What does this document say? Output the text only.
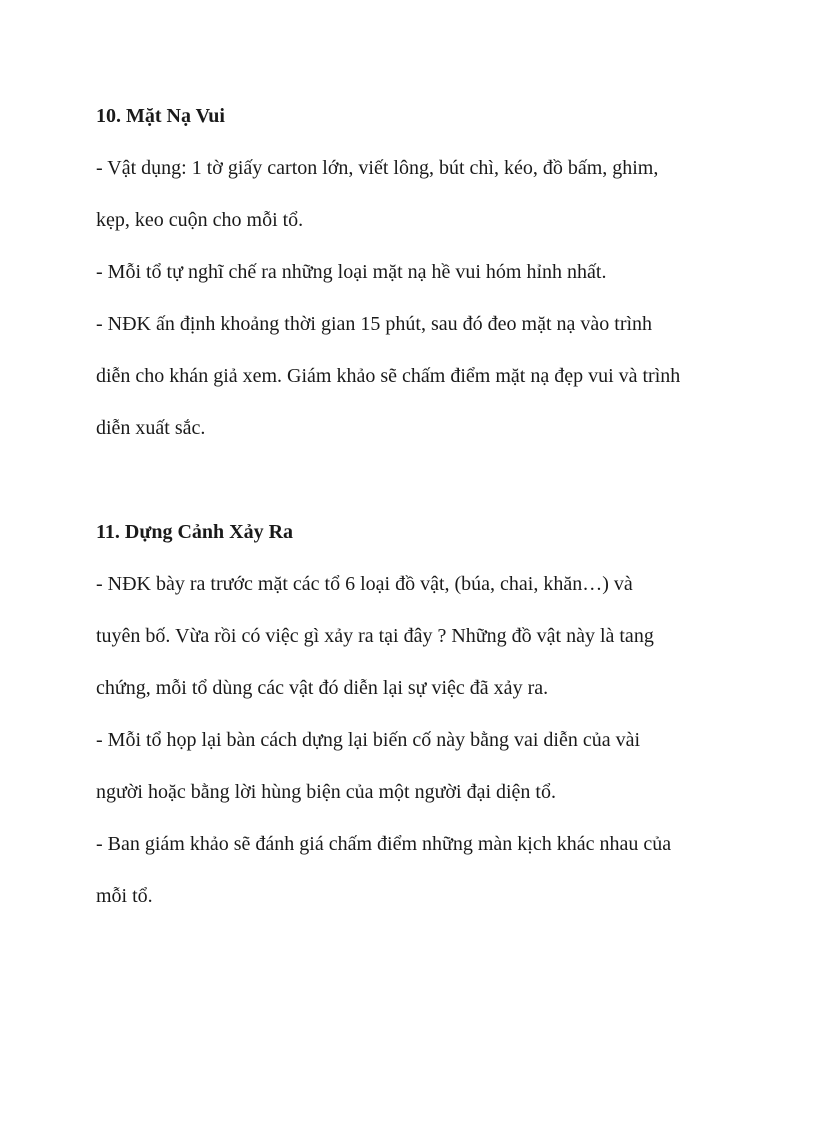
10. Mặt Nạ Vui

- Vật dụng: 1 tờ giấy carton lớn, viết lông, bút chì, kéo, đồ bấm, ghim,

kẹp, keo cuộn cho mỗi tổ.

- Mỗi tổ tự nghĩ chế ra những loại mặt nạ hề vui hóm hỉnh nhất.

- NĐK ấn định khoảng thời gian 15 phút, sau đó đeo mặt nạ vào trình

diễn cho khán giả xem. Giám khảo sẽ chấm điểm mặt nạ đẹp vui và trình

diễn xuất sắc.

11. Dựng Cảnh Xảy Ra

- NĐK bày ra trước mặt các tổ 6 loại đồ vật, (búa, chai, khăn…) và

tuyên bố. Vừa rồi có việc gì xảy ra tại đây ? Những đồ vật này là tang

chứng, mỗi tổ dùng các vật đó diễn lại sự việc đã xảy ra.

- Mỗi tổ họp lại bàn cách dựng lại biến cố này bằng vai diễn của vài

người hoặc bằng lời hùng biện của một người đại diện tổ.

- Ban giám khảo sẽ đánh giá chấm điểm những màn kịch khác nhau của

mỗi tổ.
